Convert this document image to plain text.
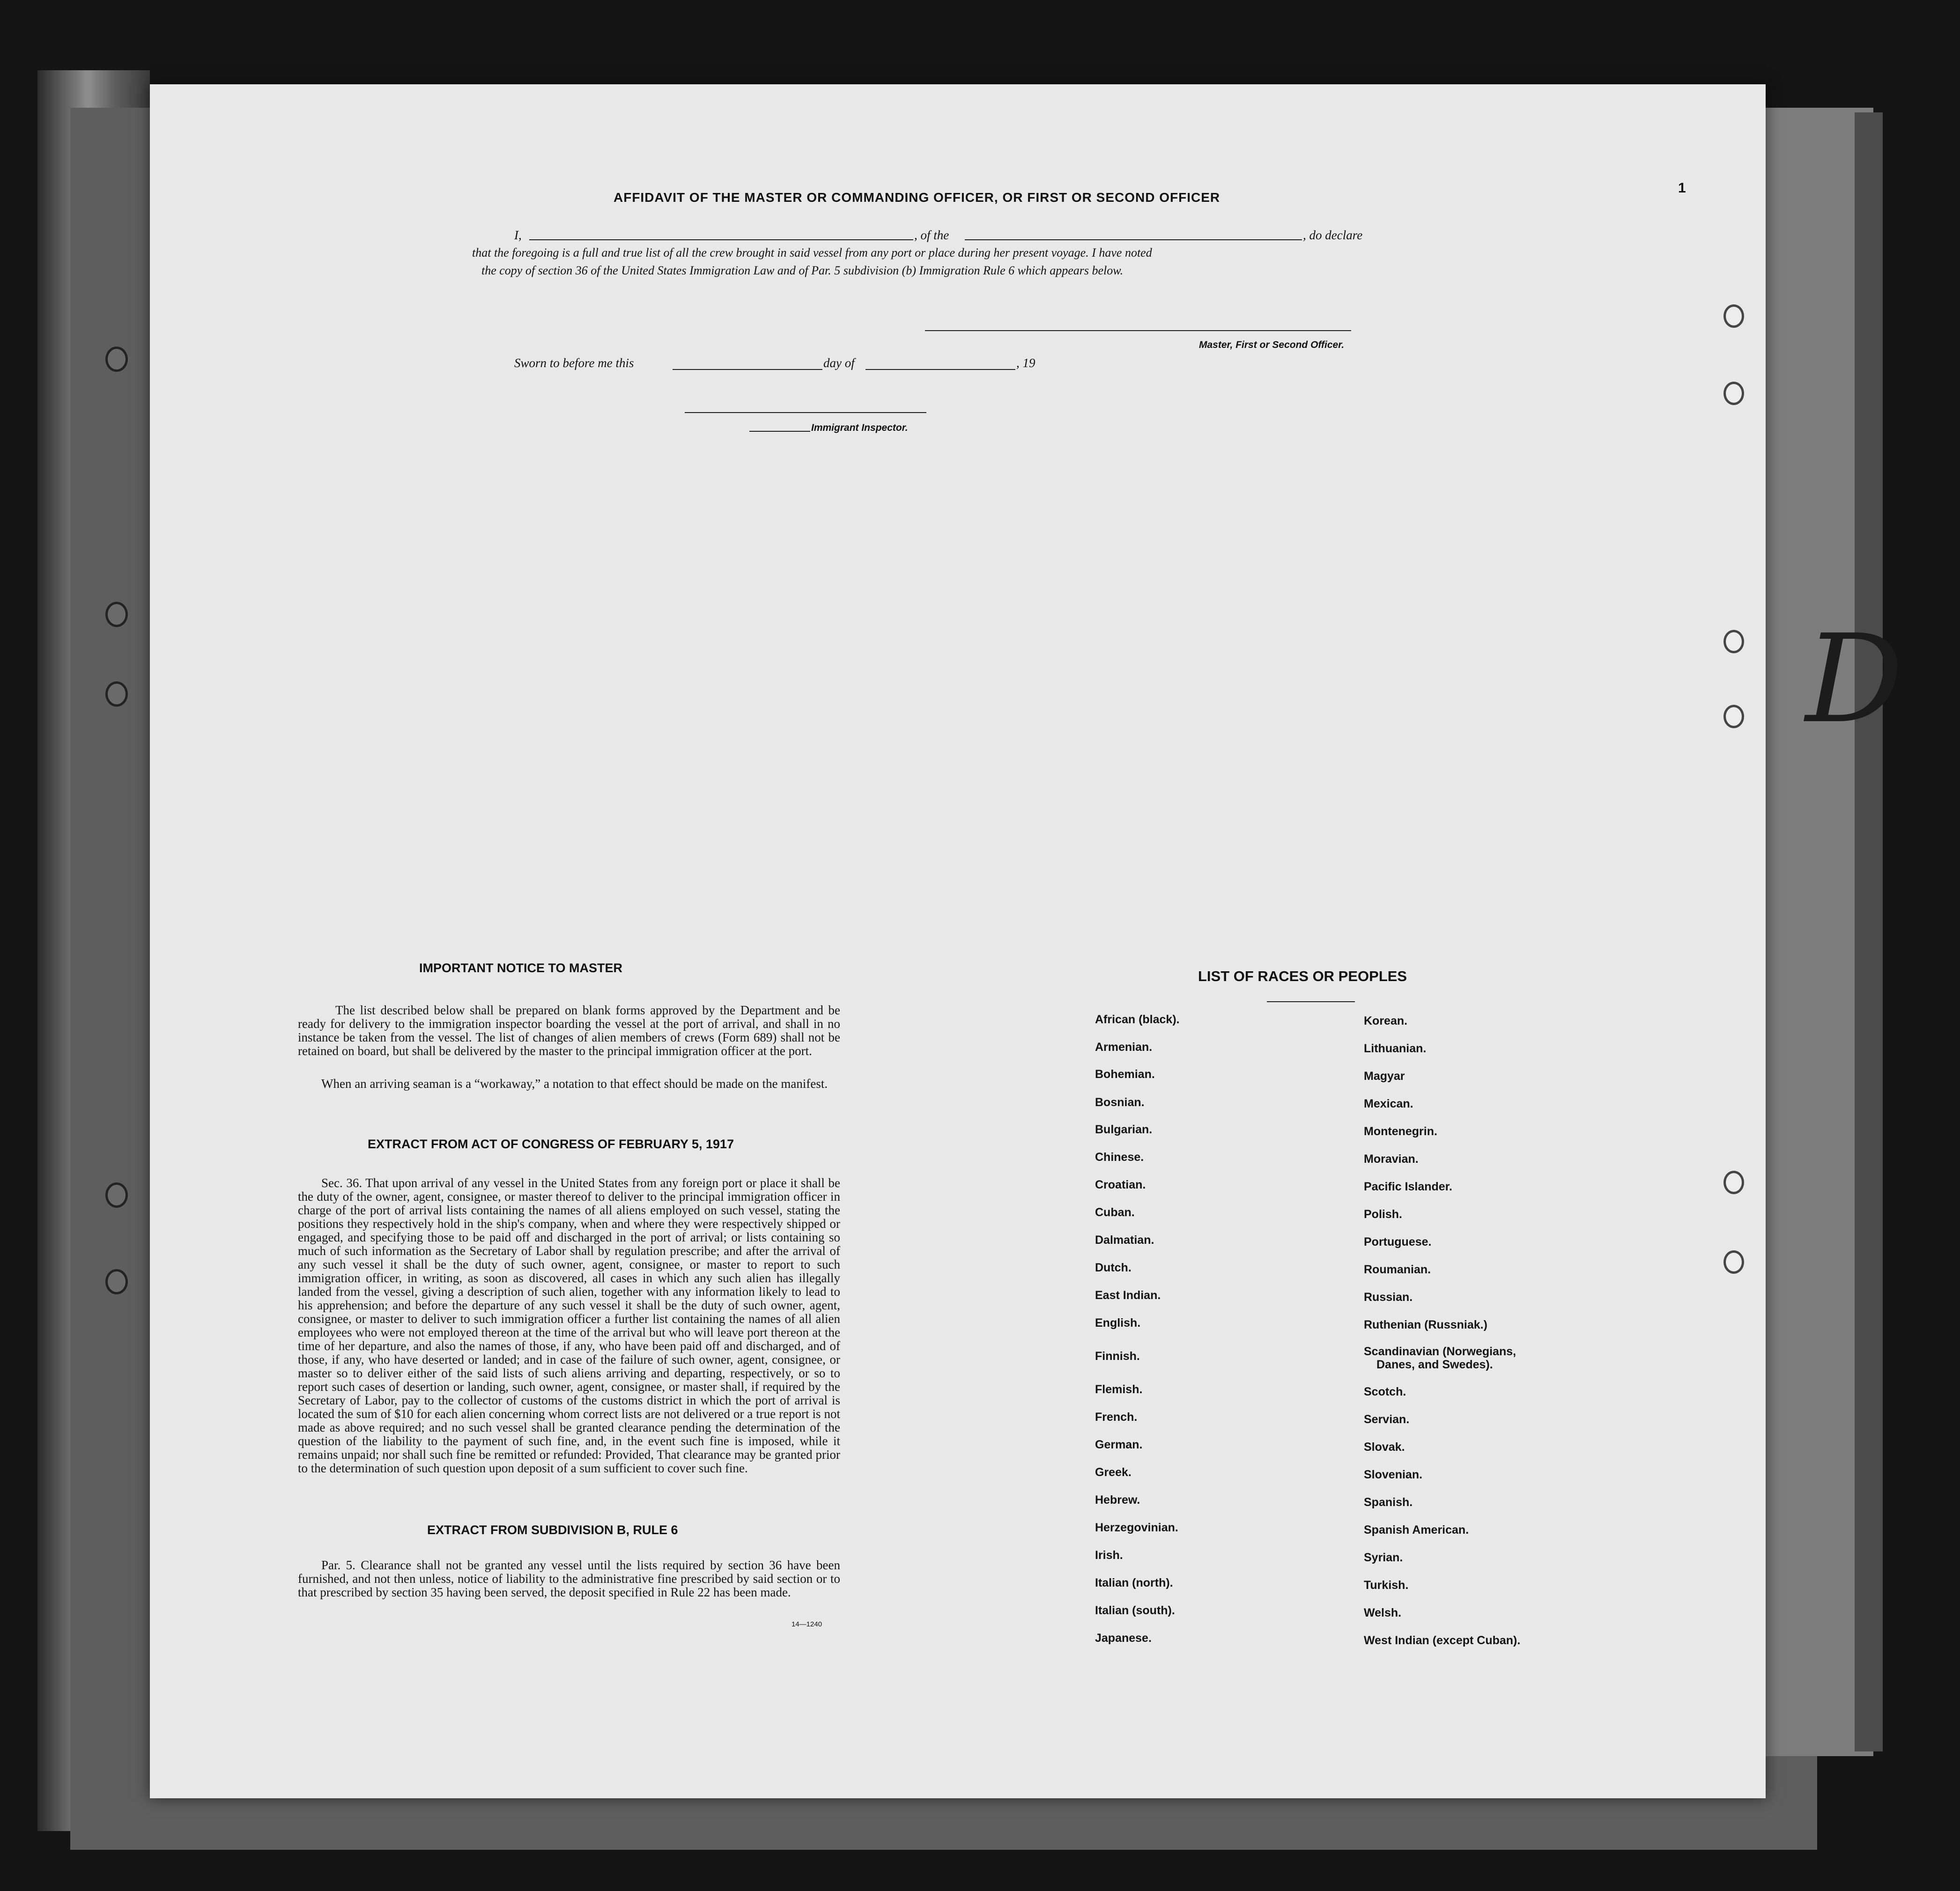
D
1
AFFIDAVIT OF THE MASTER OR COMMANDING OFFICER, OR FIRST OR SECOND OFFICER
I,	, of the	, do declare
that the foregoing is a full and true list of all the crew brought in said vessel from any port or place during her present voyage. I have noted
the copy of section 36 of the United States Immigration Law and of Par. 5 subdivision (b) Immigration Rule 6 which appears below.
Master, First or Second Officer.
Sworn to before me this	day of	, 19
Immigrant Inspector.
IMPORTANT NOTICE TO MASTER
The list described below shall be prepared on blank forms approved by the Department and be ready for delivery to the immigration inspector boarding the vessel at the port of arrival, and shall in no instance be taken from the vessel. The list of changes of alien members of crews (Form 689) shall not be retained on board, but shall be delivered by the master to the principal immigration officer at the port.
When an arriving seaman is a “workaway,” a notation to that effect should be made on the manifest.
EXTRACT FROM ACT OF CONGRESS OF FEBRUARY 5, 1917
Sec. 36. That upon arrival of any vessel in the United States from any foreign port or place it shall be the duty of the owner, agent, consignee, or master thereof to deliver to the principal immigration officer in charge of the port of arrival lists containing the names of all aliens employed on such vessel, stating the positions they respectively hold in the ship's company, when and where they were respectively shipped or engaged, and specifying those to be paid off and discharged in the port of arrival; or lists containing so much of such information as the Secretary of Labor shall by regulation prescribe; and after the arrival of any such vessel it shall be the duty of such owner, agent, consignee, or master to report to such immigration officer, in writing, as soon as discovered, all cases in which any such alien has illegally landed from the vessel, giving a description of such alien, together with any information likely to lead to his apprehension; and before the departure of any such vessel it shall be the duty of such owner, agent, consignee, or master to deliver to such immigration officer a further list containing the names of all alien employees who were not employed thereon at the time of the arrival but who will leave port thereon at the time of her departure, and also the names of those, if any, who have been paid off and discharged, and of those, if any, who have deserted or landed; and in case of the failure of such owner, agent, consignee, or master so to deliver either of the said lists of such aliens arriving and departing, respectively, or so to report such cases of desertion or landing, such owner, agent, consignee, or master shall, if required by the Secretary of Labor, pay to the collector of customs of the customs district in which the port of arrival is located the sum of $10 for each alien concerning whom correct lists are not delivered or a true report is not made as above required; and no such vessel shall be granted clearance pending the determination of the question of the liability to the payment of such fine, and, in the event such fine is imposed, while it remains unpaid; nor shall such fine be remitted or refunded: Provided, That clearance may be granted prior to the determination of such question upon deposit of a sum sufficient to cover such fine.
EXTRACT FROM SUBDIVISION B, RULE 6
Par. 5. Clearance shall not be granted any vessel until the lists required by section 36 have been furnished, and not then unless, notice of liability to the administrative fine prescribed by said section or to that prescribed by section 35 having been served, the deposit specified in Rule 22 has been made.
14—1240
LIST OF RACES OR PEOPLES
African (black).
Armenian.
Bohemian.
Bosnian.
Bulgarian.
Chinese.
Croatian.
Cuban.
Dalmatian.
Dutch.
East Indian.
English.
Finnish.
Flemish.
French.
German.
Greek.
Hebrew.
Herzegovinian.
Irish.
Italian (north).
Italian (south).
Japanese.
Korean.
Lithuanian.
Magyar
Mexican.
Montenegrin.
Moravian.
Pacific Islander.
Polish.
Portuguese.
Roumanian.
Russian.
Ruthenian (Russniak.)
Scandinavian (Norwegians,
Danes, and Swedes).
Scotch.
Servian.
Slovak.
Slovenian.
Spanish.
Spanish American.
Syrian.
Turkish.
Welsh.
West Indian (except Cuban).
